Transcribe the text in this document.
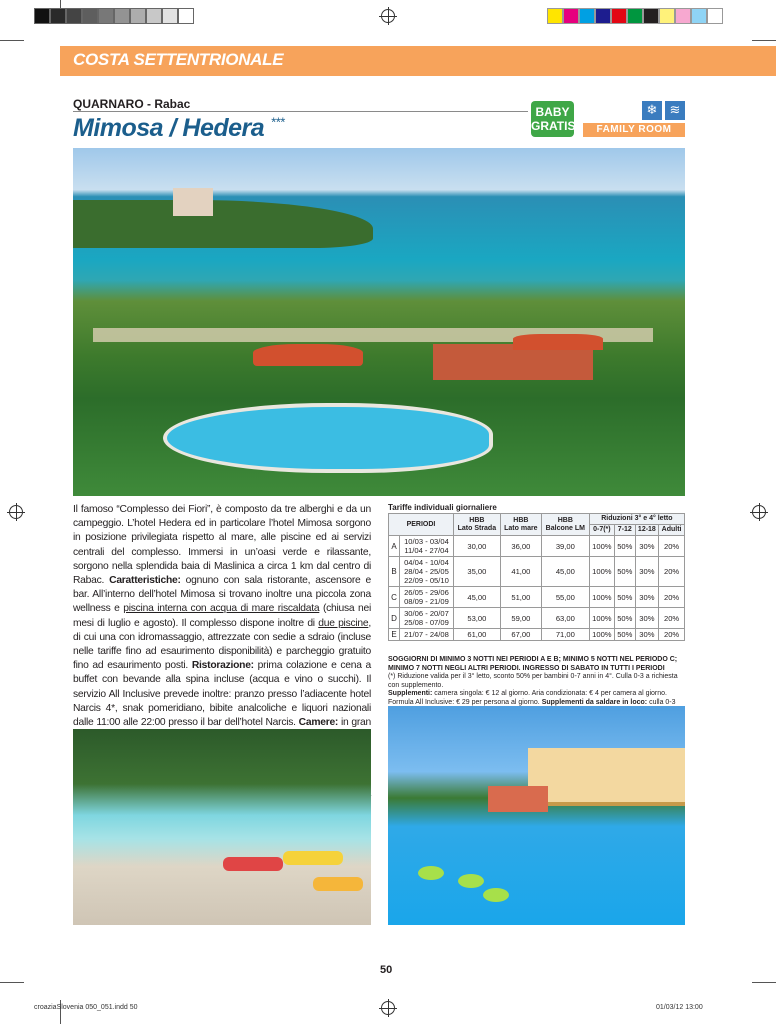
COSTA SETTENTRIONALE
QUARNARO - Rabac
Mimosa / Hedera ***
BABY
GRATIS
❄ ≋
FAMILY ROOM
Il famoso “Complesso dei Fiori”, è composto da tre alberghi e da un campeggio. L’hotel Hedera ed in particolare l’hotel Mimosa sorgono in posizione privilegiata rispetto al mare, alle piscine ed ai servizi centrali del complesso. Immersi in un’oasi verde e rilassante, sorgono nella splendida baia di Maslinica a circa 1 km dal centro di Rabac. Caratteristiche: ognuno con sala ristorante, ascensore e bar. All’interno dell’hotel Mimosa si trovano inoltre una piccola zona wellness e piscina interna con acqua di mare riscaldata (chiusa nei mesi di luglio e agosto). Il complesso dispone inoltre di due piscine, di cui una con idromassaggio, attrezzate con sedie a sdraio (incluse nelle tariffe fino ad esaurimento disponibilità) e parcheggio gratuito fino ad esaurimento posti. Ristorazione: prima colazione e cena a buffet con bevande alla spina incluse (acqua e vino o succhi). Il servizio All Inclusive prevede inoltre: pranzo presso l’adiacente hotel Narcis 4*, snak pomeridiano, bibite analcoliche e liquori nazionali dalle 11:00 alle 22:00 presso il bar dell’hotel Narcis. Camere: in gran
Tariffe individuali giornaliere
PERIODI		HBB
Lato Strada	HBB
Lato mare	HBB
Balcone LM	Riduzioni 3° e 4° letto			
					0-7(*)	7-12	12-18	Adulti
A	10/03 - 03/04
11/04 - 27/04	30,00	36,00	39,00	100%	50%	30%	20%
B	04/04 - 10/04
28/04 - 25/05
22/09 - 05/10	35,00	41,00	45,00	100%	50%	30%	20%
C	26/05 - 29/06
08/09 - 21/09	45,00	51,00	55,00	100%	50%	30%	20%
D	30/06 - 20/07
25/08 - 07/09	53,00	59,00	63,00	100%	50%	30%	20%
E	21/07 - 24/08	61,00	67,00	71,00	100%	50%	30%	20%
SOGGIORNI DI MINIMO 3 NOTTI NEI PERIODI A E B; MINIMO 5 NOTTI NEL PERIODO C; MINIMO 7 NOTTI NEGLI ALTRI PERIODI. INGRESSO DI SABATO IN TUTTI I PERIODI
(*) Riduzione valida per il 3° letto, sconto 50% per bambini 0-7 anni in 4°. Culla 0-3 a richiesta con supplemento.
Supplementi: camera singola: € 12 al giorno. Aria condizionata: € 4 per camera al giorno. Formula All Inclusive: € 29 per persona al giorno. Supplementi da saldare in loco: culla 0-3
50
croaziaSlovenia 050_051.indd 50	01/03/12 13:00
